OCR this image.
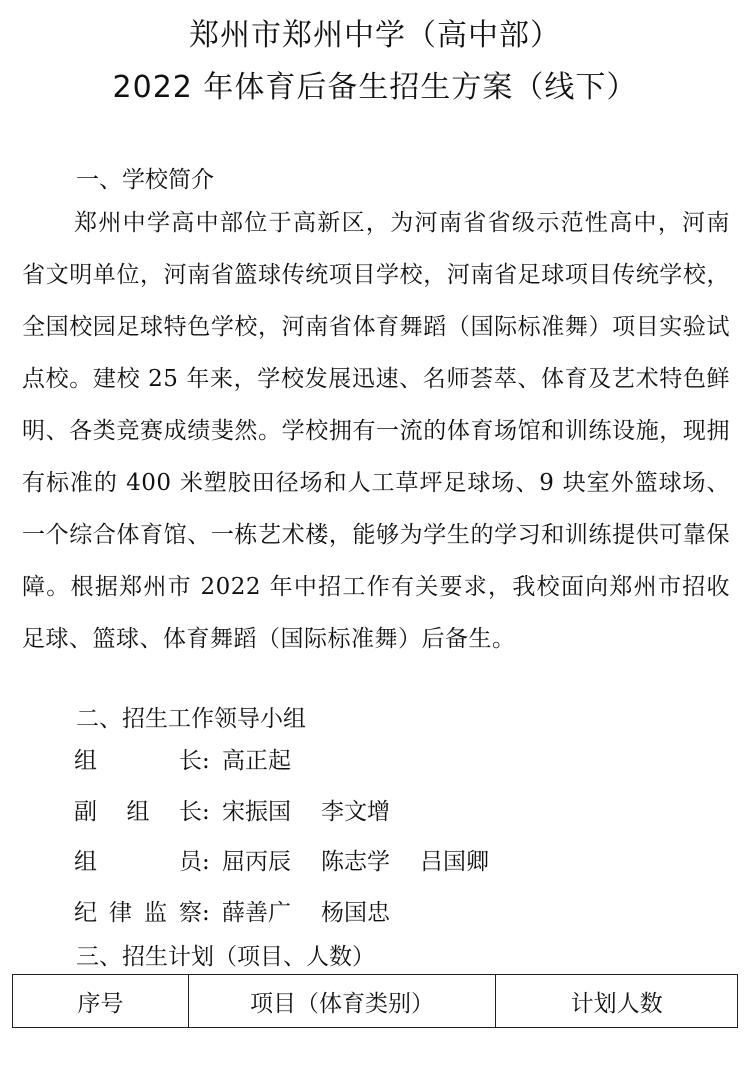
郑州市郑州中学（高中部）
2022 年体育后备生招生方案（线下）
一、学校简介

郑州中学高中部位于高新区，为河南省省级示范性高中，河南省文明单位，河南省篮球传统项目学校，河南省足球项目传统学校，全国校园足球特色学校，河南省体育舞蹈（国际标准舞）项目实验试点校。建校 25 年来，学校发展迅速、名师荟萃、体育及艺术特色鲜明、各类竞赛成绩斐然。学校拥有一流的体育场馆和训练设施，现拥有标准的 400 米塑胶田径场和人工草坪足球场、9 块室外篮球场、一个综合体育馆、一栋艺术楼，能够为学生的学习和训练提供可靠保障。根据郑州市 2022 年中招工作有关要求，我校面向郑州市招收足球、篮球、体育舞蹈（国际标准舞）后备生。

二、招生工作领导小组
组长: 高正起
副组长: 宋振国 李文增
组员: 屈丙辰 陈志学 吕国卿
纪律监察: 薛善广 杨国忠
三、招生计划（项目、人数）
序号	项目（体育类别）	计划人数
